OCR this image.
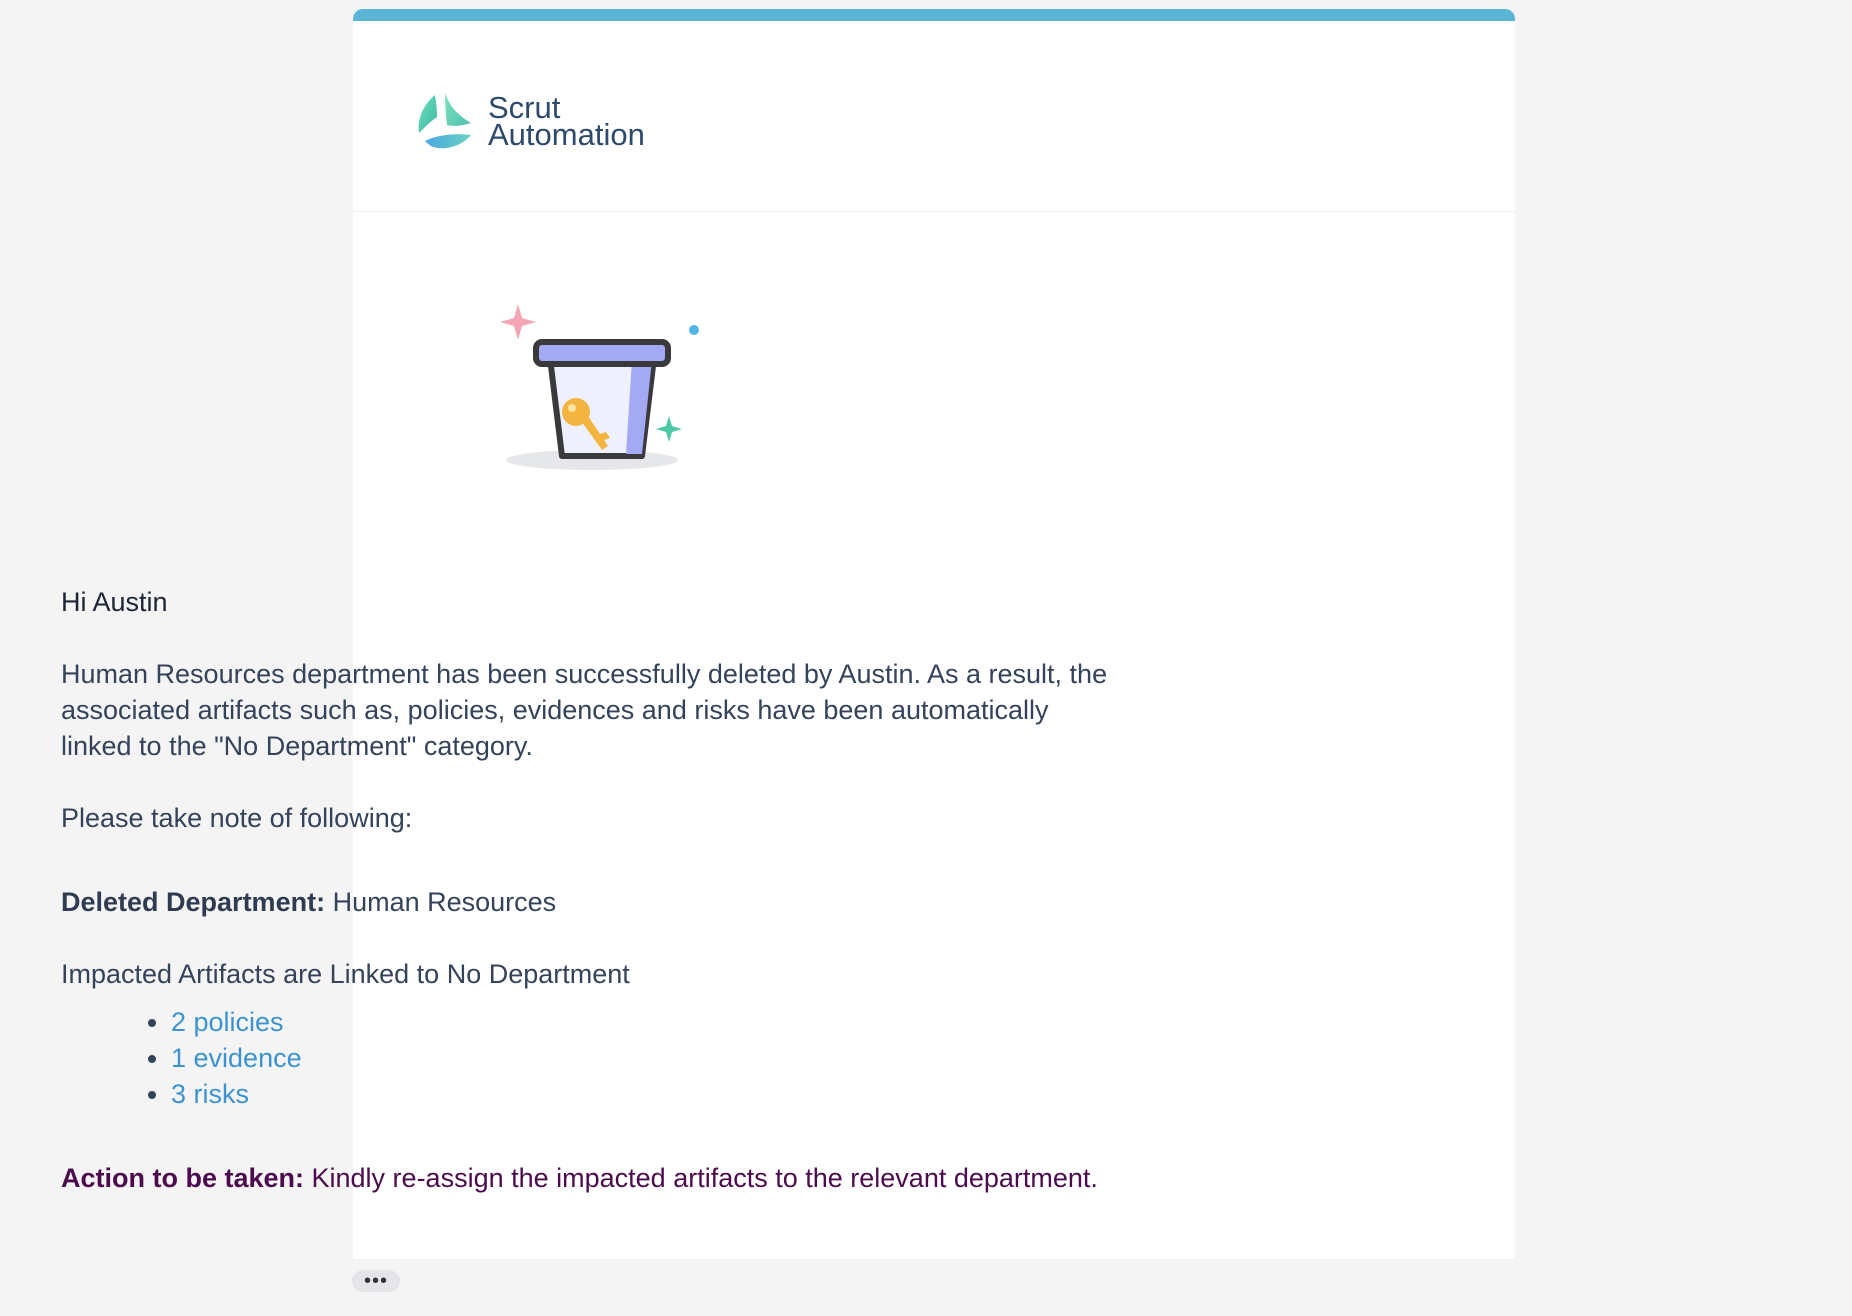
Scrut
Automation

Hi Austin

Human Resources department has been successfully deleted by Austin. As a result, the associated artifacts such as, policies, evidences and risks have been automatically linked to the "No Department" category.

Please take note of following:

Deleted Department: Human Resources

Impacted Artifacts are Linked to No Department

• 2 policies
• 1 evidence
• 3 risks

Action to be taken: Kindly re-assign the impacted artifacts to the relevant department.

•••
